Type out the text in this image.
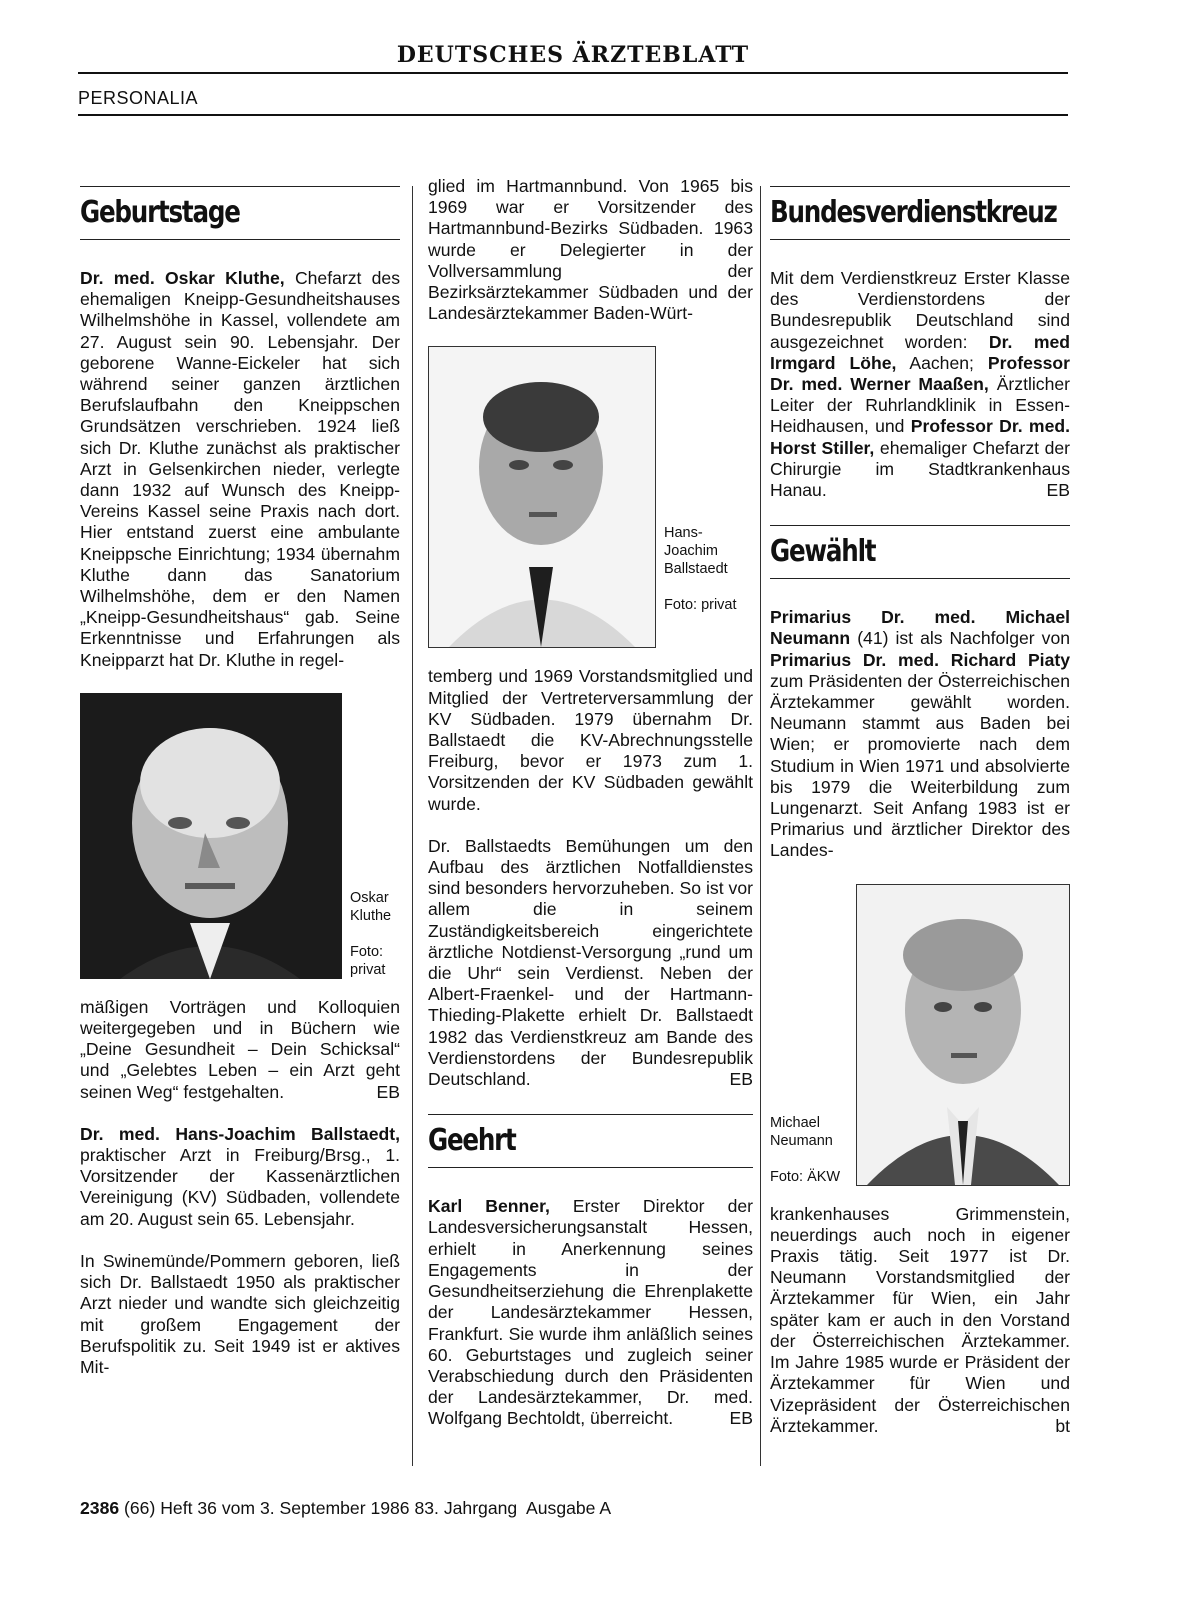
DEUTSCHES ÄRZTEBLATT
PERSONALIA
Geburtstage

Dr. med. Oskar Kluthe, Chefarzt des ehemaligen Kneipp-Gesundheitshauses Wilhelmshöhe in Kassel, vollendete am 27. August sein 90. Lebensjahr. Der geborene Wanne-Eickeler hat sich während seiner ganzen ärztlichen Berufslaufbahn den Kneippschen Grundsätzen verschrieben. 1924 ließ sich Dr. Kluthe zunächst als praktischer Arzt in Gelsenkirchen nieder, verlegte dann 1932 auf Wunsch des Kneipp-Vereins Kassel seine Praxis nach dort. Hier entstand zuerst eine ambulante Kneippsche Einrichtung; 1934 übernahm Kluthe dann das Sanatorium Wilhelmshöhe, dem er den Namen „Kneipp-Gesundheitshaus“ gab. Seine Erkenntnisse und Erfahrungen als Kneipparzt hat Dr. Kluthe in regel-

Oskar Kluthe
Foto: privat

mäßigen Vorträgen und Kolloquien weitergegeben und in Büchern wie „Deine Gesundheit – Dein Schicksal“ und „Gelebtes Leben – ein Arzt geht seinen Weg“ festgehalten.	EB

Dr. med. Hans-Joachim Ballstaedt, praktischer Arzt in Freiburg/Brsg., 1. Vorsitzender der Kassenärztlichen Vereinigung (KV) Südbaden, vollendete am 20. August sein 65. Lebensjahr.

In Swinemünde/Pommern geboren, ließ sich Dr. Ballstaedt 1950 als praktischer Arzt nieder und wandte sich gleichzeitig mit großem Engagement der Berufspolitik zu. Seit 1949 ist er aktives Mit-

glied im Hartmannbund. Von 1965 bis 1969 war er Vorsitzender des Hartmannbund-Bezirks Südbaden. 1963 wurde er Delegierter in der Vollversammlung der Bezirksärztekammer Südbaden und der Landesärztekammer Baden-Würt-

Hans-Joachim Ballstaedt
Foto: privat

temberg und 1969 Vorstandsmitglied und Mitglied der Vertreterversammlung der KV Südbaden. 1979 übernahm Dr. Ballstaedt die KV-Abrechnungsstelle Freiburg, bevor er 1973 zum 1. Vorsitzenden der KV Südbaden gewählt wurde.

Dr. Ballstaedts Bemühungen um den Aufbau des ärztlichen Notfalldienstes sind besonders hervorzuheben. So ist vor allem die in seinem Zuständigkeitsbereich eingerichtete ärztliche Notdienst-Versorgung „rund um die Uhr“ sein Verdienst. Neben der Albert-Fraenkel- und der Hartmann-Thieding-Plakette erhielt Dr. Ballstaedt 1982 das Verdienstkreuz am Bande des Verdienstordens der Bundesrepublik Deutschland.	EB

Geehrt

Karl Benner, Erster Direktor der Landesversicherungsanstalt Hessen, erhielt in Anerkennung seines Engagements in der Gesundheitserziehung die Ehrenplakette der Landesärztekammer Hessen, Frankfurt. Sie wurde ihm anläßlich seines 60. Geburtstages und zugleich seiner Verabschiedung durch den Präsidenten der Landesärztekammer, Dr. med. Wolfgang Bechtoldt, überreicht.	EB

Bundesverdienstkreuz

Mit dem Verdienstkreuz Erster Klasse des Verdienstordens der Bundesrepublik Deutschland sind ausgezeichnet worden: Dr. med Irmgard Löhe, Aachen; Professor Dr. med. Werner Maaßen, Ärztlicher Leiter der Ruhrlandklinik in Essen-Heidhausen, und Professor Dr. med. Horst Stiller, ehemaliger Chefarzt der Chirurgie im Stadtkrankenhaus Hanau.	EB

Gewählt

Primarius Dr. med. Michael Neumann (41) ist als Nachfolger von Primarius Dr. med. Richard Piaty zum Präsidenten der Österreichischen Ärztekammer gewählt worden. Neumann stammt aus Baden bei Wien; er promovierte nach dem Studium in Wien 1971 und absolvierte bis 1979 die Weiterbildung zum Lungenarzt. Seit Anfang 1983 ist er Primarius und ärztlicher Direktor des Landes-

Michael Neumann
Foto: ÄKW

krankenhauses Grimmenstein, neuerdings auch noch in eigener Praxis tätig. Seit 1977 ist Dr. Neumann Vorstandsmitglied der Ärztekammer für Wien, ein Jahr später kam er auch in den Vorstand der Österreichischen Ärztekammer. Im Jahre 1985 wurde er Präsident der Ärztekammer für Wien und Vizepräsident der Österreichischen Ärztekammer.	bt

2386 (66) Heft 36 vom 3. September 1986 83. Jahrgang  Ausgabe A
